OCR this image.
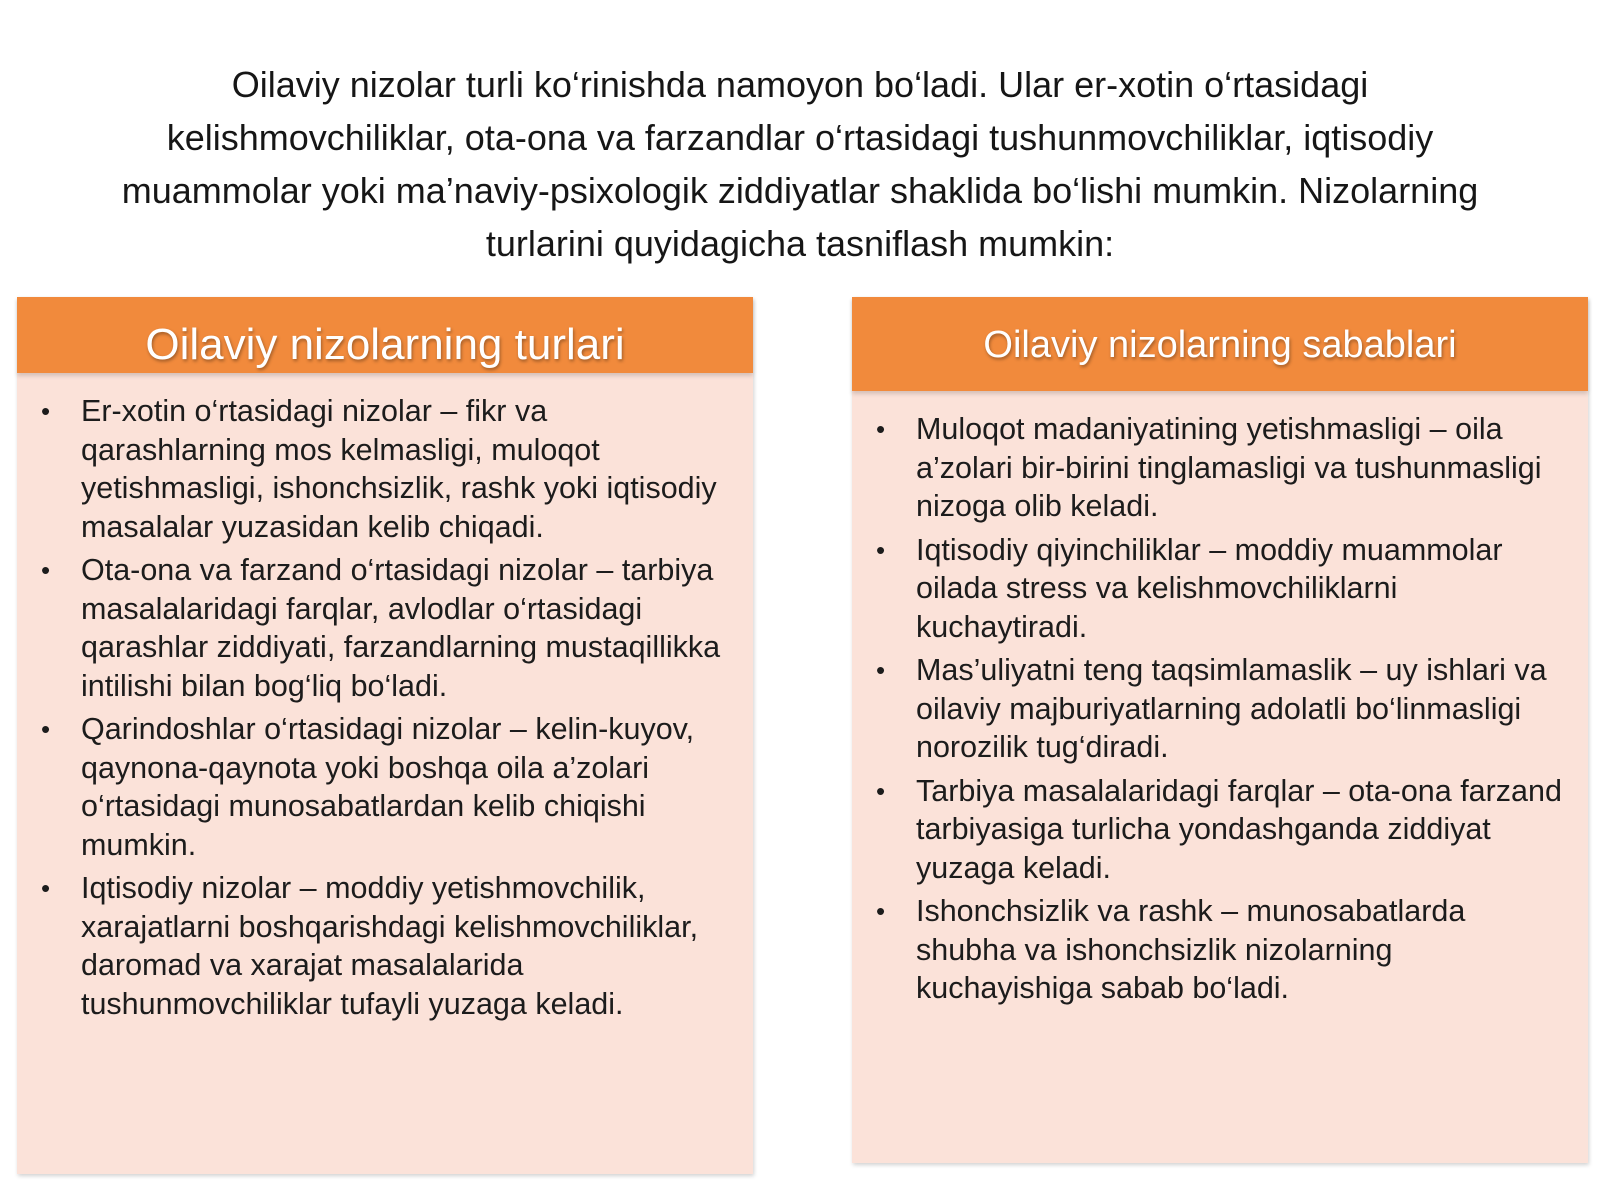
Oilaviy nizolar turli ko‘rinishda namoyon bo‘ladi. Ular er-xotin o‘rtasidagi kelishmovchiliklar, ota-ona va farzandlar o‘rtasidagi tushunmovchiliklar, iqtisodiy muammolar yoki ma’naviy-psixologik ziddiyatlar shaklida bo‘lishi mumkin. Nizolarning turlarini quyidagicha tasniflash mumkin:
Oilaviy nizolarning turlari
• Er-xotin o‘rtasidagi nizolar – fikr va qarashlarning mos kelmasligi, muloqot yetishmasligi, ishonchsizlik, rashk yoki iqtisodiy masalalar yuzasidan kelib chiqadi.
• Ota-ona va farzand o‘rtasidagi nizolar – tarbiya masalalaridagi farqlar, avlodlar o‘rtasidagi qarashlar ziddiyati, farzandlarning mustaqillikka intilishi bilan bog‘liq bo‘ladi.
• Qarindoshlar o‘rtasidagi nizolar – kelin-kuyov, qaynona-qaynota yoki boshqa oila a’zolari o‘rtasidagi munosabatlardan kelib chiqishi mumkin.
• Iqtisodiy nizolar – moddiy yetishmovchilik, xarajatlarni boshqarishdagi kelishmovchiliklar, daromad va xarajat masalalarida tushunmovchiliklar tufayli yuzaga keladi.
Oilaviy nizolarning sabablari
• Muloqot madaniyatining yetishmasligi – oila a’zolari bir-birini tinglamasligi va tushunmasligi nizoga olib keladi.
• Iqtisodiy qiyinchiliklar – moddiy muammolar oilada stress va kelishmovchiliklarni kuchaytiradi.
• Mas’uliyatni teng taqsimlamaslik – uy ishlari va oilaviy majburiyatlarning adolatli bo‘linmasligi norozilik tug‘diradi.
• Tarbiya masalalaridagi farqlar – ota-ona farzand tarbiyasiga turlicha yondashganda ziddiyat yuzaga keladi.
• Ishonchsizlik va rashk – munosabatlarda shubha va ishonchsizlik nizolarning kuchayishiga sabab bo‘ladi.
